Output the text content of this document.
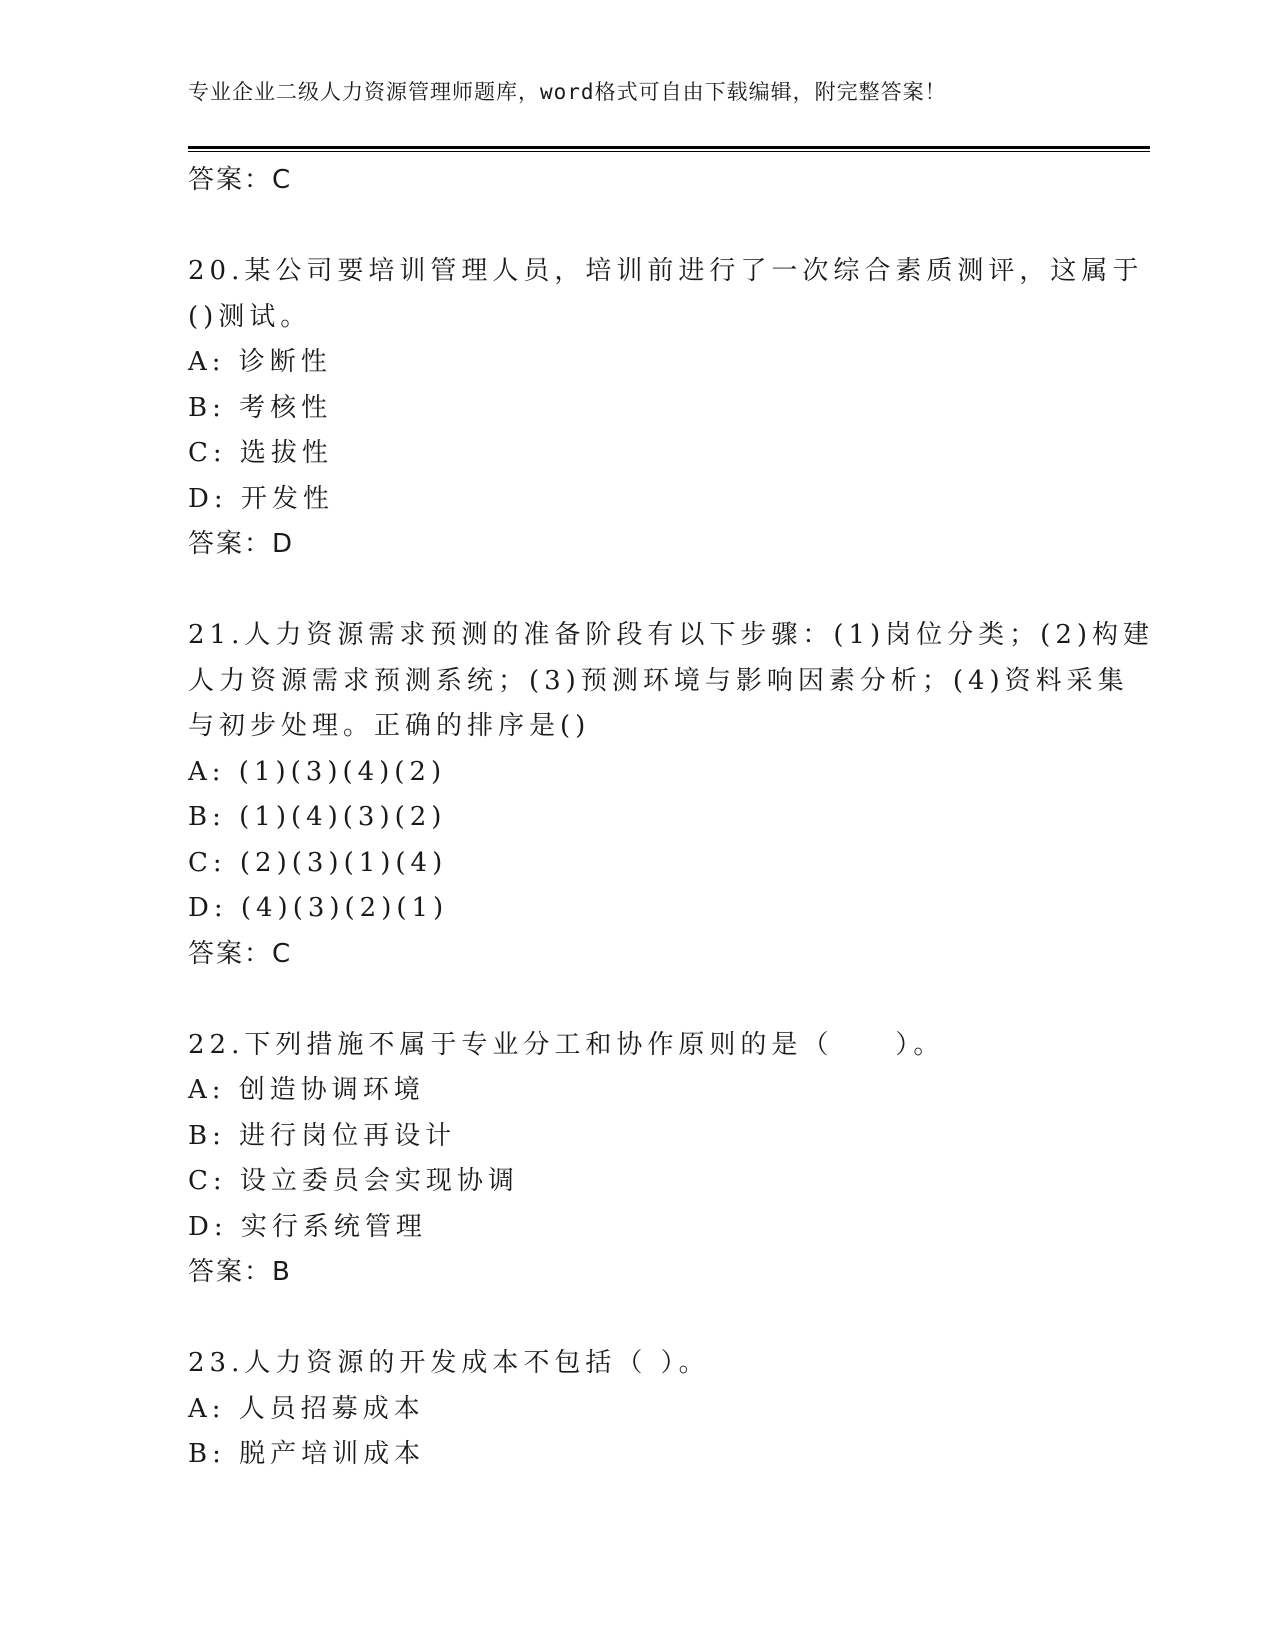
专业企业二级人力资源管理师题库，word格式可自由下载编辑，附完整答案！
答案：C
20.某公司要培训管理人员，培训前进行了一次综合素质测评，这属于
()测试。
A: 诊断性
B: 考核性
C: 选拔性
D: 开发性
答案：D
21.人力资源需求预测的准备阶段有以下步骤：(1)岗位分类；(2)构建
人力资源需求预测系统；(3)预测环境与影响因素分析；(4)资料采集
与初步处理。正确的排序是()
A: (1)(3)(4)(2)
B: (1)(4)(3)(2)
C: (2)(3)(1)(4)
D: (4)(3)(2)(1)
答案：C
22.下列措施不属于专业分工和协作原则的是（　　）。
A: 创造协调环境
B: 进行岗位再设计
C: 设立委员会实现协调
D: 实行系统管理
答案：B
23.人力资源的开发成本不包括（ ）。
A: 人员招募成本
B: 脱产培训成本
